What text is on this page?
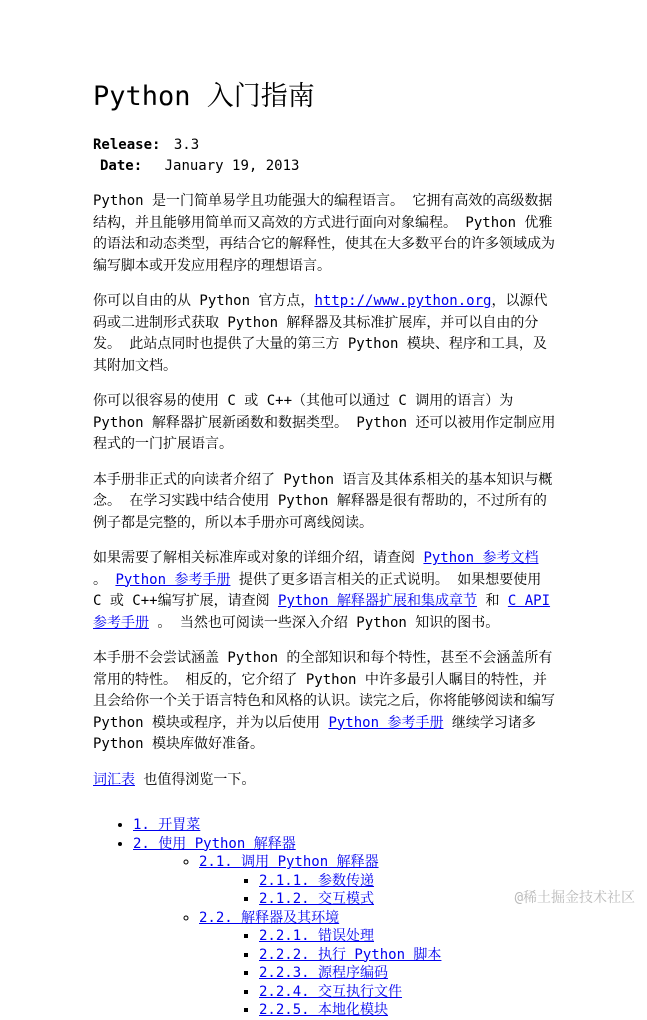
Python 入门指南
Release: 3.3
Date: January 19, 2013

Python 是一门简单易学且功能强大的编程语言。 它拥有高效的高级数据结构，并且能够用简单而又高效的方式进行面向对象编程。 Python 优雅的语法和动态类型，再结合它的解释性，使其在大多数平台的许多领域成为编写脚本或开发应用程序的理想语言。

你可以自由的从 Python 官方点，http://www.python.org，以源代码或二进制形式获取 Python 解释器及其标准扩展库，并可以自由的分发。 此站点同时也提供了大量的第三方 Python 模块、程序和工具，及其附加文档。

你可以很容易的使用 C 或 C++（其他可以通过 C 调用的语言）为 Python 解释器扩展新函数和数据类型。 Python 还可以被用作定制应用程式的一门扩展语言。

本手册非正式的向读者介绍了 Python 语言及其体系相关的基本知识与概念。 在学习实践中结合使用 Python 解释器是很有帮助的，不过所有的例子都是完整的，所以本手册亦可离线阅读。

如果需要了解相关标准库或对象的详细介绍，请查阅 Python 参考文档 。 Python 参考手册 提供了更多语言相关的正式说明。 如果想要使用 C 或 C++编写扩展，请查阅 Python 解释器扩展和集成章节 和 C API 参考手册 。 当然也可阅读一些深入介绍 Python 知识的图书。

本手册不会尝试涵盖 Python 的全部知识和每个特性，甚至不会涵盖所有常用的特性。 相反的，它介绍了 Python 中许多最引人瞩目的特性，并且会给你一个关于语言特色和风格的认识。读完之后，你将能够阅读和编写 Python 模块或程序，并为以后使用 Python 参考手册 继续学习诸多 Python 模块库做好准备。

词汇表 也值得浏览一下。

• 1. 开胃菜
• 2. 使用 Python 解释器
◦ 2.1. 调用 Python 解释器
▪ 2.1.1. 参数传递
▪ 2.1.2. 交互模式
◦ 2.2. 解释器及其环境
▪ 2.2.1. 错误处理
▪ 2.2.2. 执行 Python 脚本
▪ 2.2.3. 源程序编码
▪ 2.2.4. 交互执行文件
▪ 2.2.5. 本地化模块
@稀土掘金技术社区
